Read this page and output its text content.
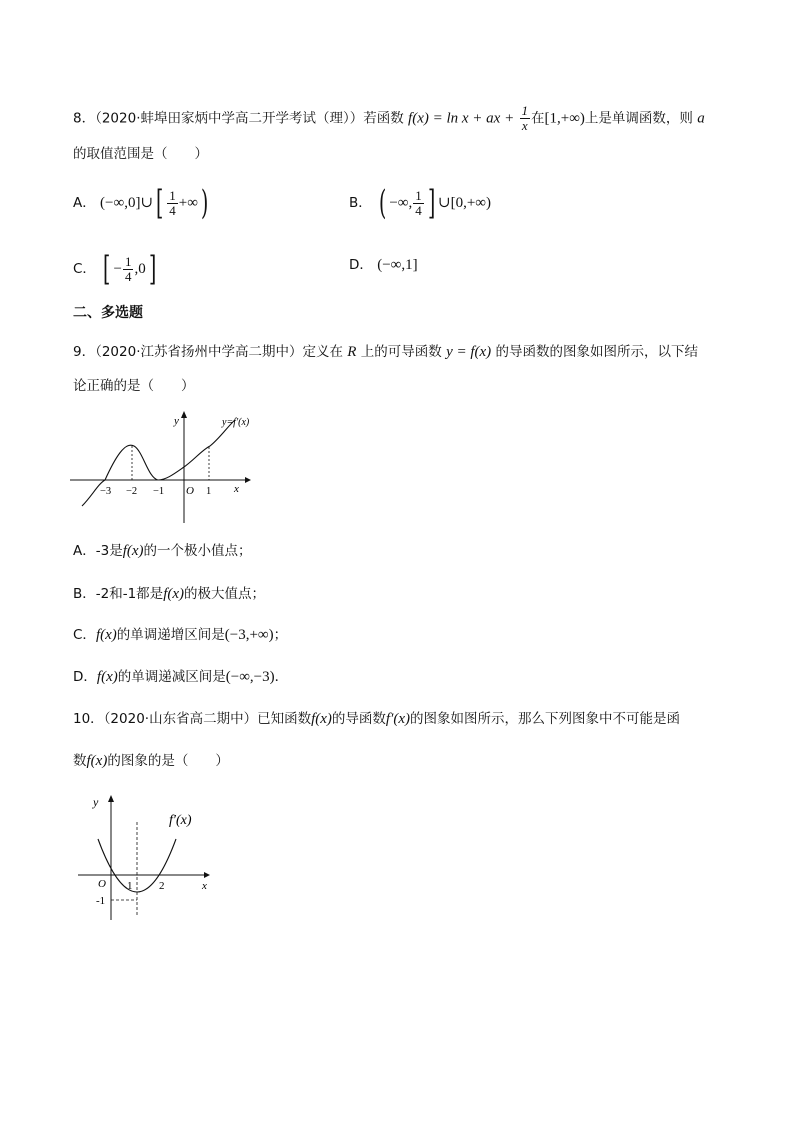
8．（2020·蚌埠田家炳中学高二开学考试（理））若函数 f(x) = ln x + ax + $\frac{1}{x}$ 在[1,+∞)上是单调函数，则 a
的取值范围是（　　）
A． (−∞,0]∪[ $\frac{1}{4}$ +∞)	B． ( −∞, $\frac{1}{4}$ ] ∪[0,+∞)
C． [ − $\frac{1}{4} ,0$]	D． (−∞,1]
二、多选题
9．（2020·江苏省扬州中学高二期中）定义在 R 上的可导函数 y = f(x) 的导函数的图象如图所示，以下结
论正确的是（　　）
y
x
y=f′(x)
O
−3 −2 −1	1
A．-3是f(x)的一个极小值点；
B．-2和-1都是f(x)的极大值点；
C．f(x)的单调递增区间是(−3,+∞)；
D．f(x)的单调递减区间是(−∞,−3)．
10．（2020·山东省高二期中）已知函数f(x)的导函数f′(x)的图象如图所示，那么下列图象中不可能是函
数f(x)的图象的是（　　）
y
x
f′(x)
O 1 2
-1
